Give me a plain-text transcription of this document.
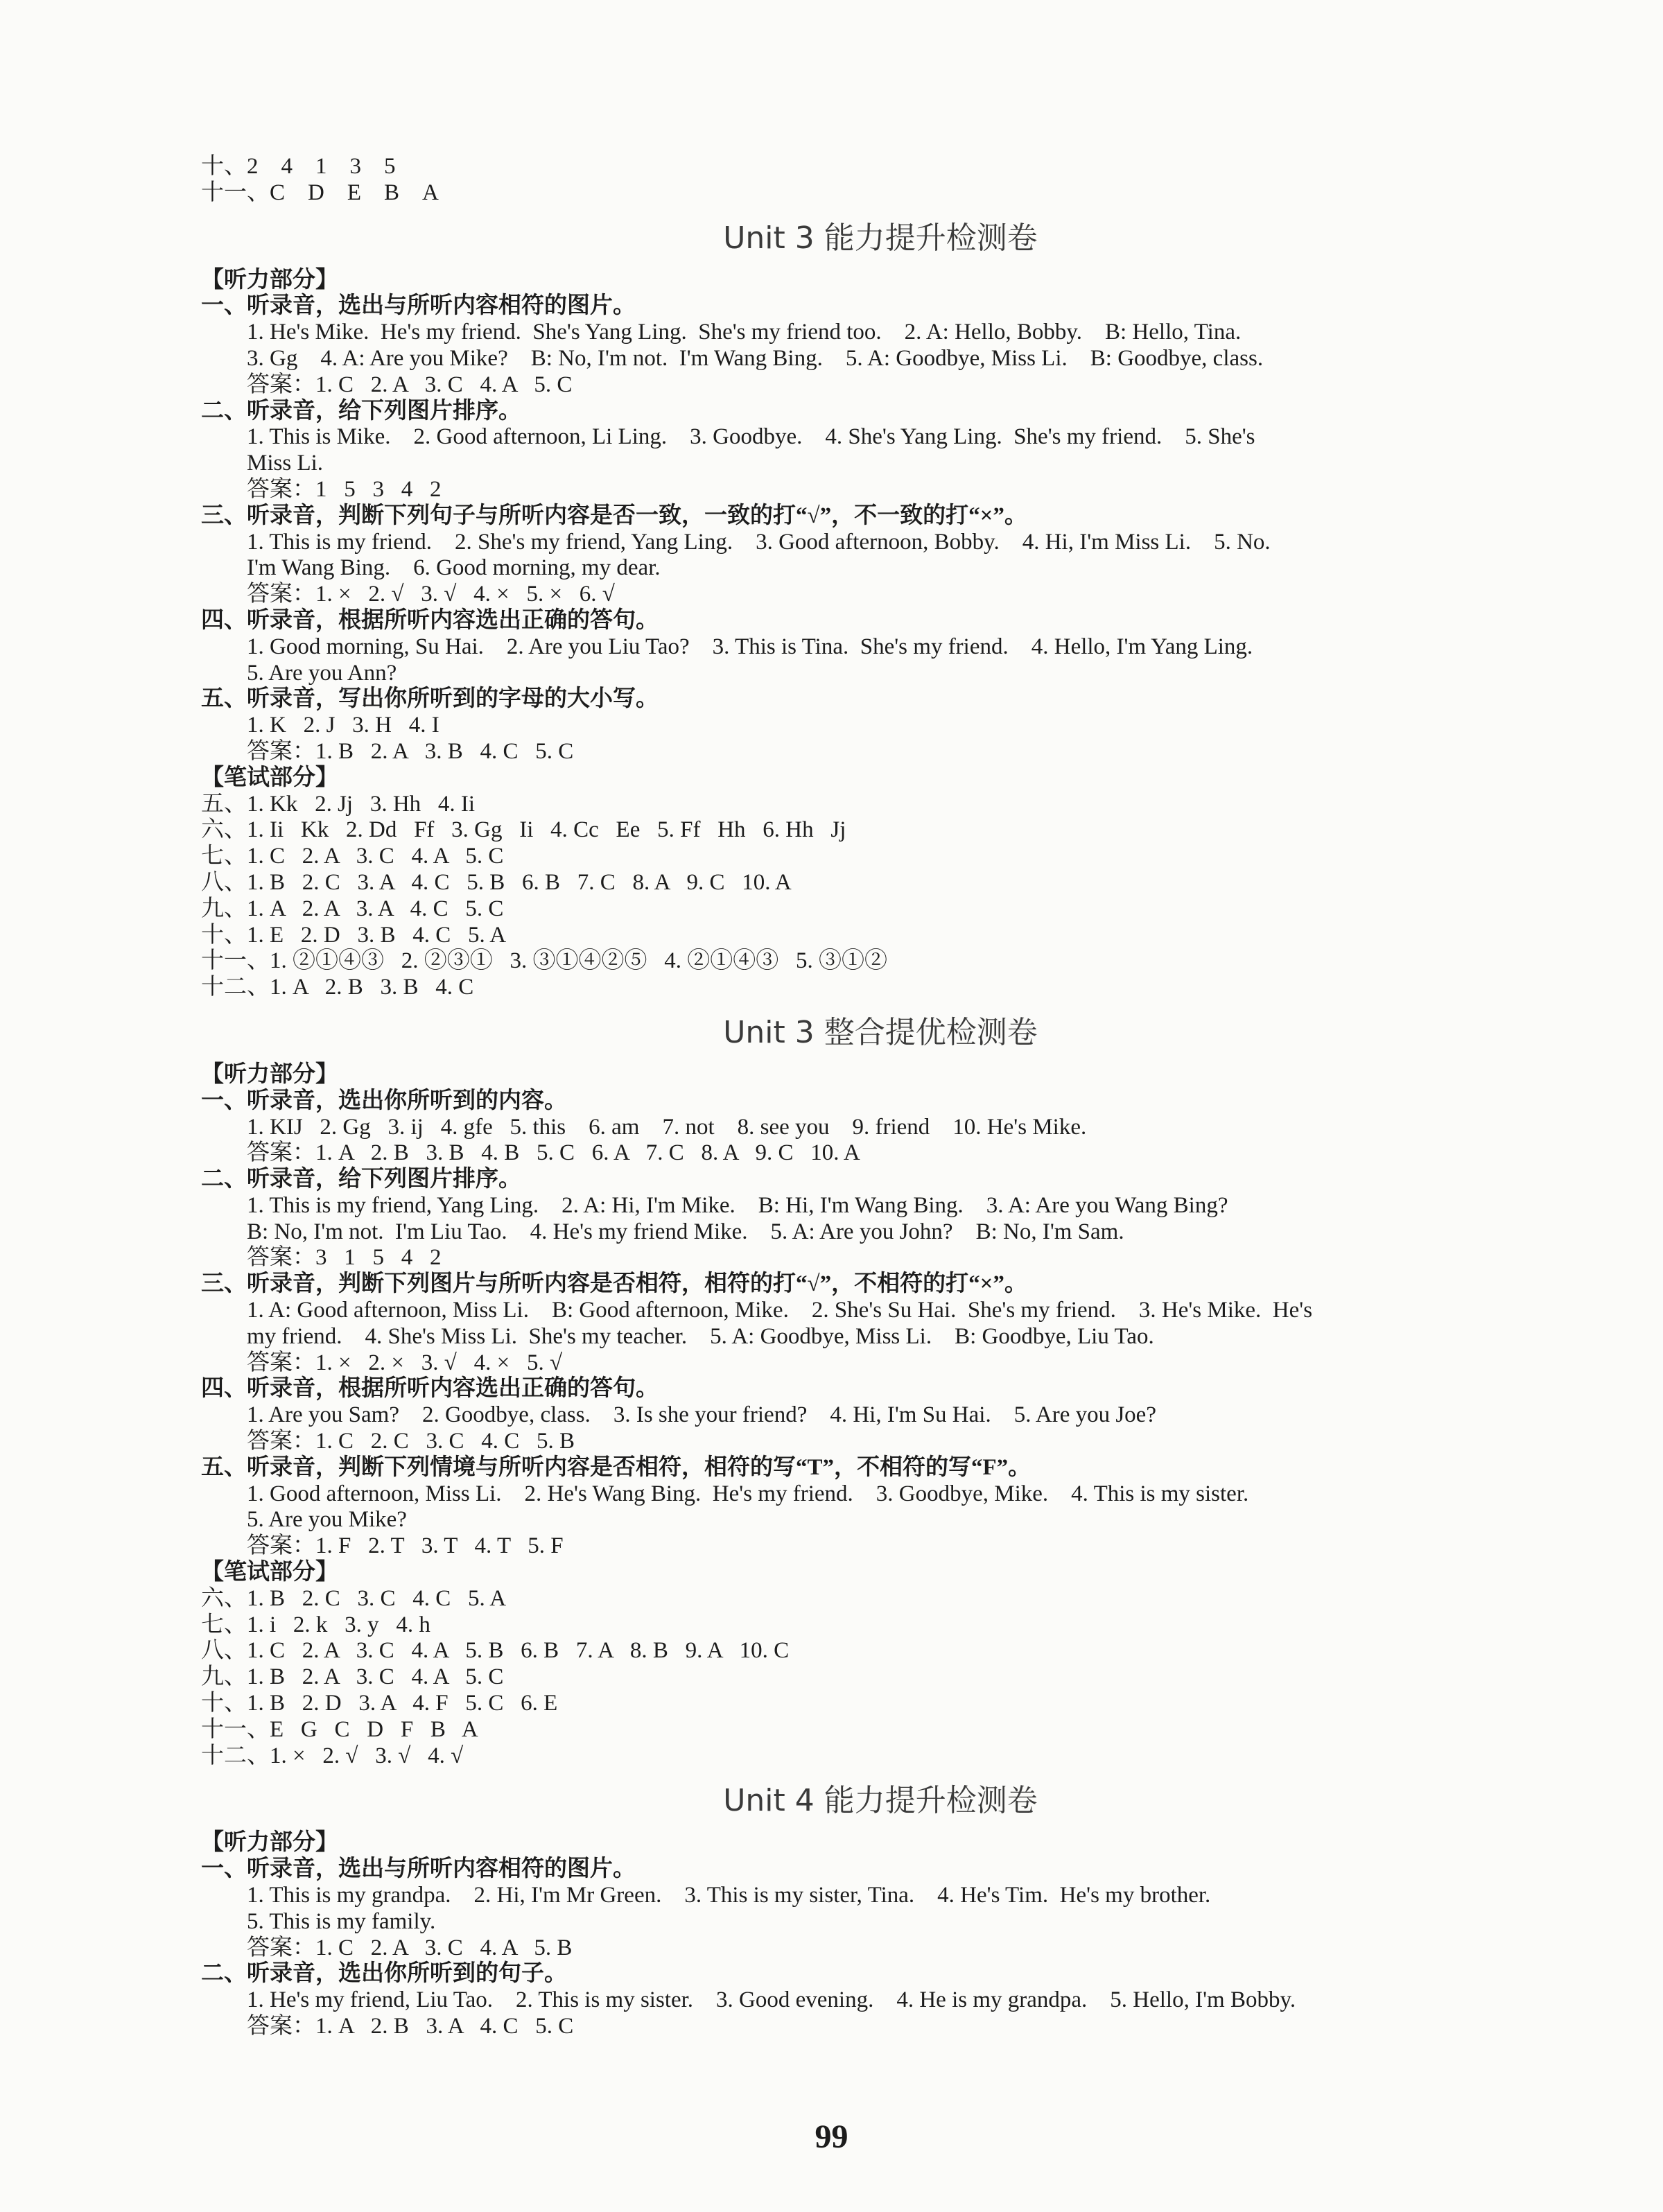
十、2　4　1　3　5
十一、C　D　E　B　A
Unit 3 能力提升检测卷
【听力部分】
一、听录音，选出与所听内容相符的图片。
1. He's Mike.  He's my friend.  She's Yang Ling.  She's my friend too.    2. A: Hello, Bobby.    B: Hello, Tina.
3. Gg    4. A: Are you Mike?    B: No, I'm not.  I'm Wang Bing.    5. A: Goodbye, Miss Li.    B: Goodbye, class.
答案：1. C   2. A   3. C   4. A   5. C
二、听录音，给下列图片排序。
1. This is Mike.    2. Good afternoon, Li Ling.    3. Goodbye.    4. She's Yang Ling.  She's my friend.    5. She's
Miss Li.
答案：1   5   3   4   2
三、听录音，判断下列句子与所听内容是否一致，一致的打“√”，不一致的打“×”。
1. This is my friend.    2. She's my friend, Yang Ling.    3. Good afternoon, Bobby.    4. Hi, I'm Miss Li.    5. No.
I'm Wang Bing.    6. Good morning, my dear.
答案：1. ×   2. √   3. √   4. ×   5. ×   6. √
四、听录音，根据所听内容选出正确的答句。
1. Good morning, Su Hai.    2. Are you Liu Tao?    3. This is Tina.  She's my friend.    4. Hello, I'm Yang Ling.
5. Are you Ann?
五、听录音，写出你所听到的字母的大小写。
1. K   2. J   3. H   4. I
答案：1. B   2. A   3. B   4. C   5. C
【笔试部分】
五、1. Kk   2. Jj   3. Hh   4. Ii
六、1. Ii   Kk   2. Dd   Ff   3. Gg   Ii   4. Cc   Ee   5. Ff   Hh   6. Hh   Jj
七、1. C   2. A   3. C   4. A   5. C
八、1. B   2. C   3. A   4. C   5. B   6. B   7. C   8. A   9. C   10. A
九、1. A   2. A   3. A   4. C   5. C
十、1. E   2. D   3. B   4. C   5. A
十一、1. ②①④③   2. ②③①   3. ③①④②⑤   4. ②①④③   5. ③①②
十二、1. A   2. B   3. B   4. C
Unit 3 整合提优检测卷
【听力部分】
一、听录音，选出你所听到的内容。
1. KIJ   2. Gg   3. ij   4. gfe   5. this    6. am    7. not    8. see you    9. friend    10. He's Mike.
答案：1. A   2. B   3. B   4. B   5. C   6. A   7. C   8. A   9. C   10. A
二、听录音，给下列图片排序。
1. This is my friend, Yang Ling.    2. A: Hi, I'm Mike.    B: Hi, I'm Wang Bing.    3. A: Are you Wang Bing?
B: No, I'm not.  I'm Liu Tao.    4. He's my friend Mike.    5. A: Are you John?    B: No, I'm Sam.
答案：3   1   5   4   2
三、听录音，判断下列图片与所听内容是否相符，相符的打“√”，不相符的打“×”。
1. A: Good afternoon, Miss Li.    B: Good afternoon, Mike.    2. She's Su Hai.  She's my friend.    3. He's Mike.  He's
my friend.    4. She's Miss Li.  She's my teacher.    5. A: Goodbye, Miss Li.    B: Goodbye, Liu Tao.
答案：1. ×   2. ×   3. √   4. ×   5. √
四、听录音，根据所听内容选出正确的答句。
1. Are you Sam?    2. Goodbye, class.    3. Is she your friend?    4. Hi, I'm Su Hai.    5. Are you Joe?
答案：1. C   2. C   3. C   4. C   5. B
五、听录音，判断下列情境与所听内容是否相符，相符的写“T”，不相符的写“F”。
1. Good afternoon, Miss Li.    2. He's Wang Bing.  He's my friend.    3. Goodbye, Mike.    4. This is my sister.
5. Are you Mike?
答案：1. F   2. T   3. T   4. T   5. F
【笔试部分】
六、1. B   2. C   3. C   4. C   5. A
七、1. i   2. k   3. y   4. h
八、1. C   2. A   3. C   4. A   5. B   6. B   7. A   8. B   9. A   10. C
九、1. B   2. A   3. C   4. A   5. C
十、1. B   2. D   3. A   4. F   5. C   6. E
十一、E   G   C   D   F   B   A
十二、1. ×   2. √   3. √   4. √
Unit 4 能力提升检测卷
【听力部分】
一、听录音，选出与所听内容相符的图片。
1. This is my grandpa.    2. Hi, I'm Mr Green.    3. This is my sister, Tina.    4. He's Tim.  He's my brother.
5. This is my family.
答案：1. C   2. A   3. C   4. A   5. B
二、听录音，选出你所听到的句子。
1. He's my friend, Liu Tao.    2. This is my sister.    3. Good evening.    4. He is my grandpa.    5. Hello, I'm Bobby.
答案：1. A   2. B   3. A   4. C   5. C
99
